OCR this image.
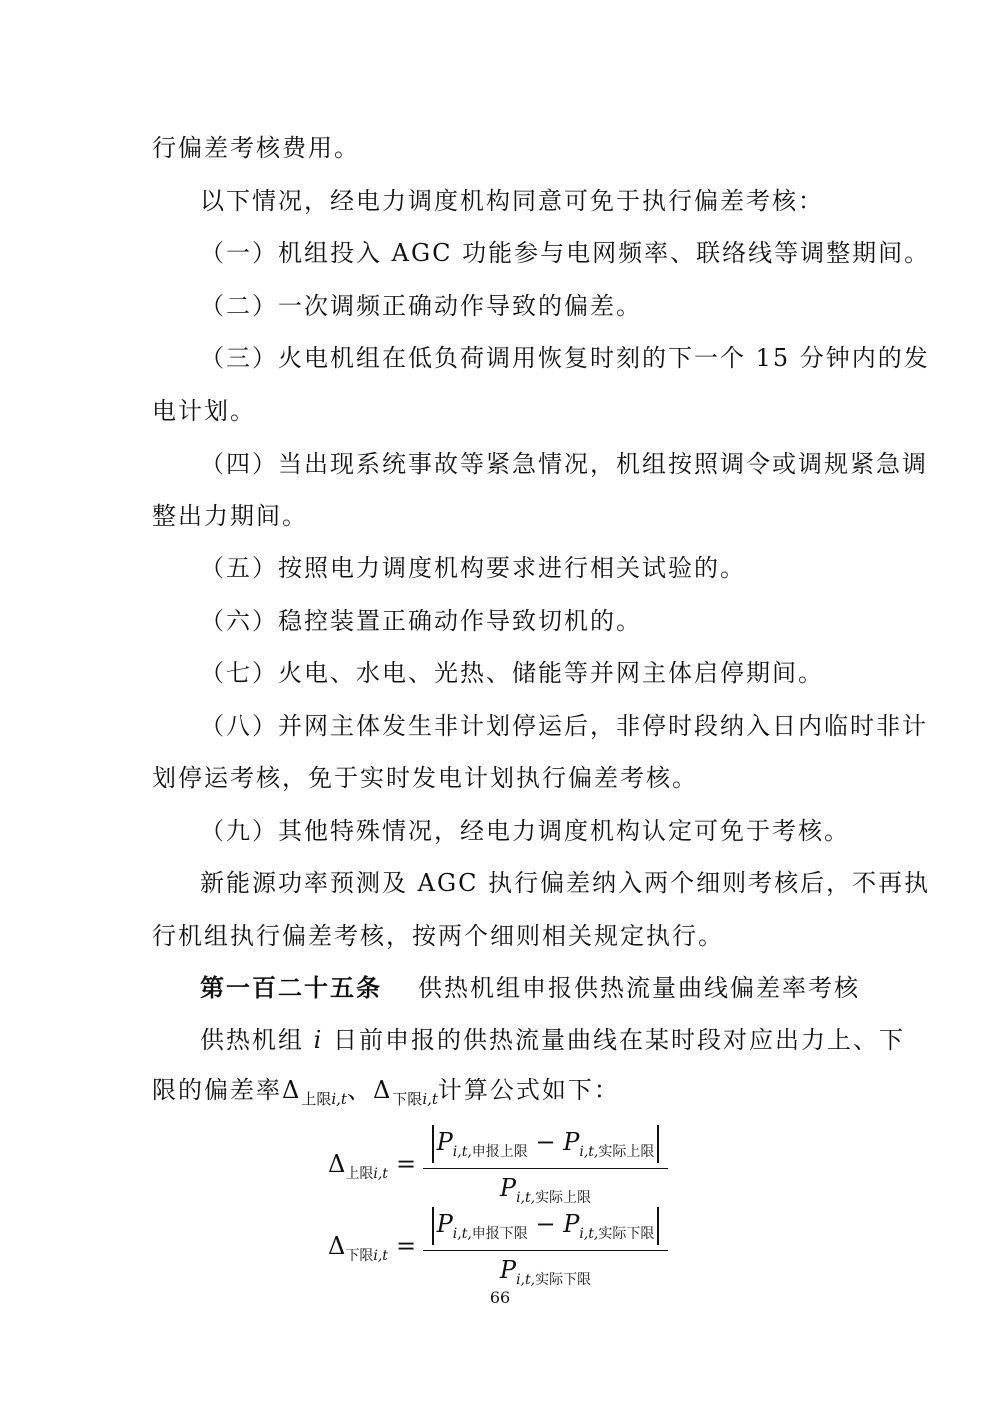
行偏差考核费用。
以下情况，经电力调度机构同意可免于执行偏差考核：
（一）机组投入 AGC 功能参与电网频率、联络线等调整期间。
（二）一次调频正确动作导致的偏差。
（三）火电机组在低负荷调用恢复时刻的下一个 15 分钟内的发
电计划。
（四）当出现系统事故等紧急情况，机组按照调令或调规紧急调
整出力期间。
（五）按照电力调度机构要求进行相关试验的。
（六）稳控装置正确动作导致切机的。
（七）火电、水电、光热、储能等并网主体启停期间。
（八）并网主体发生非计划停运后，非停时段纳入日内临时非计
划停运考核，免于实时发电计划执行偏差考核。
（九）其他特殊情况，经电力调度机构认定可免于考核。
新能源功率预测及 AGC 执行偏差纳入两个细则考核后，不再执
行机组执行偏差考核，按两个细则相关规定执行。
第一百二十五条 供热机组申报供热流量曲线偏差率考核
供热机组 i 日前申报的供热流量曲线在某时段对应出力上、下
限的偏差率$\Delta_{上限i,t}$、$\Delta_{下限i,t}$计算公式如下：
$\Delta_{上限i,t}$ =
$P_{i,t,申报上限} - P_{i,t,实际上限}$
$P_{i,t,实际上限}$
$\Delta_{下限i,t}$ =
$P_{i,t,申报下限} - P_{i,t,实际下限}$
$P_{i,t,实际下限}$
66
